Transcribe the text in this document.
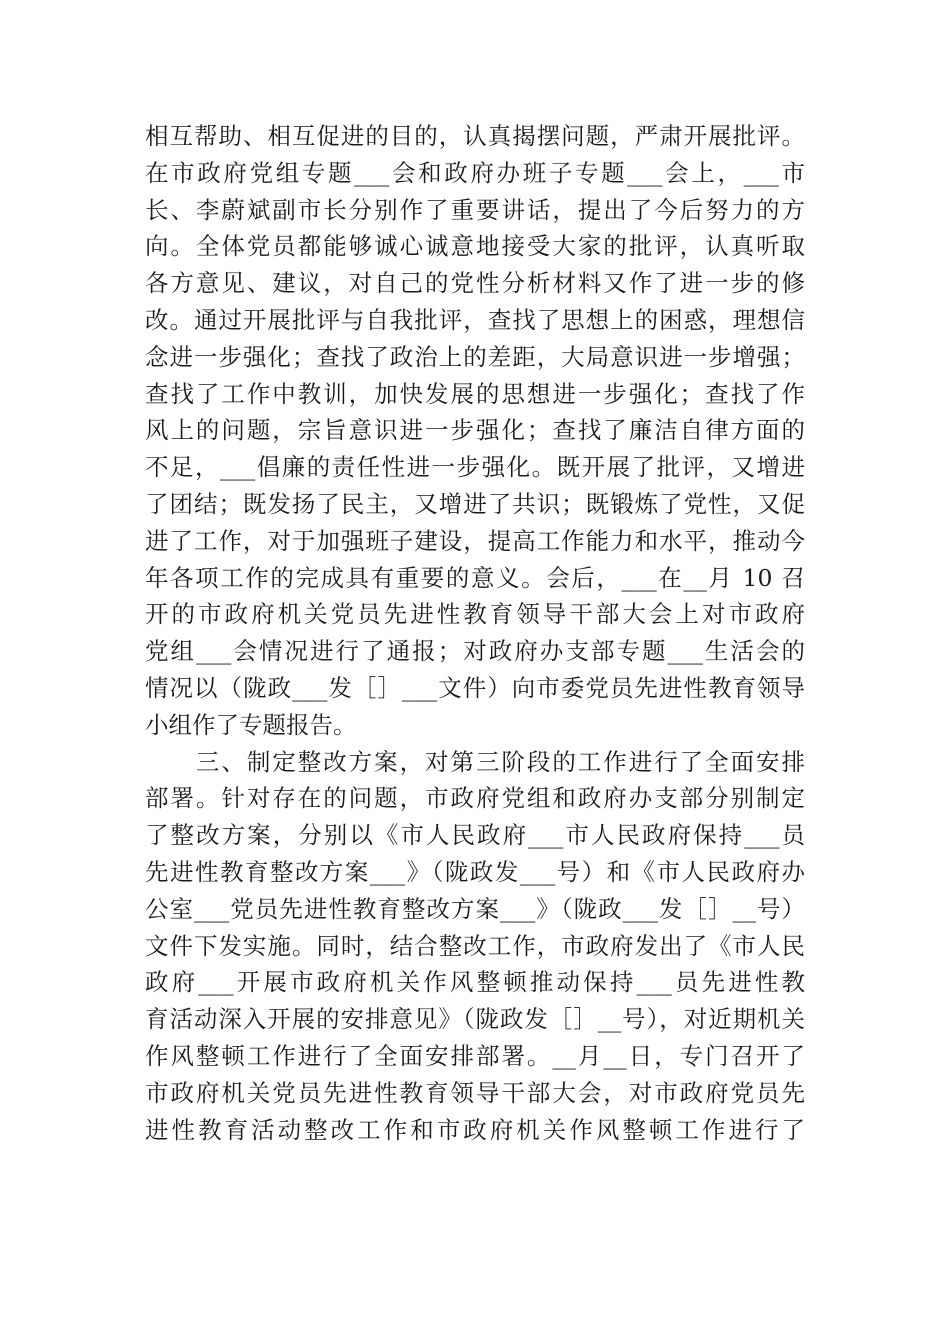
相互帮助、相互促进的目的，认真揭摆问题，严肃开展批评。
在市政府党组专题___会和政府办班子专题___会上，___市
长、李蔚斌副市长分别作了重要讲话，提出了今后努力的方
向。全体党员都能够诚心诚意地接受大家的批评，认真听取
各方意见、建议，对自己的党性分析材料又作了进一步的修
改。通过开展批评与自我批评，查找了思想上的困惑，理想信
念进一步强化；查找了政治上的差距，大局意识进一步增强；
查找了工作中教训，加快发展的思想进一步强化；查找了作
风上的问题，宗旨意识进一步强化；查找了廉洁自律方面的
不足，___倡廉的责任性进一步强化。既开展了批评，又增进
了团结；既发扬了民主，又增进了共识；既锻炼了党性，又促
进了工作，对于加强班子建设，提高工作能力和水平，推动今
年各项工作的完成具有重要的意义。会后，___在__月 10 召
开的市政府机关党员先进性教育领导干部大会上对市政府
党组___会情况进行了通报；对政府办支部专题___生活会的
情况以（陇政___发［］___文件）向市委党员先进性教育领导
小组作了专题报告。
　　三、制定整改方案，对第三阶段的工作进行了全面安排
部署。针对存在的问题，市政府党组和政府办支部分别制定
了整改方案，分别以《市人民政府___市人民政府保持___员
先进性教育整改方案___》（陇政发___号）和《市人民政府办
公室___党员先进性教育整改方案___》（陇政___发［］__号）
文件下发实施。同时，结合整改工作，市政府发出了《市人民
政府___开展市政府机关作风整顿推动保持___员先进性教
育活动深入开展的安排意见》（陇政发［］__号），对近期机关
作风整顿工作进行了全面安排部署。__月__日，专门召开了
市政府机关党员先进性教育领导干部大会，对市政府党员先
进性教育活动整改工作和市政府机关作风整顿工作进行了
